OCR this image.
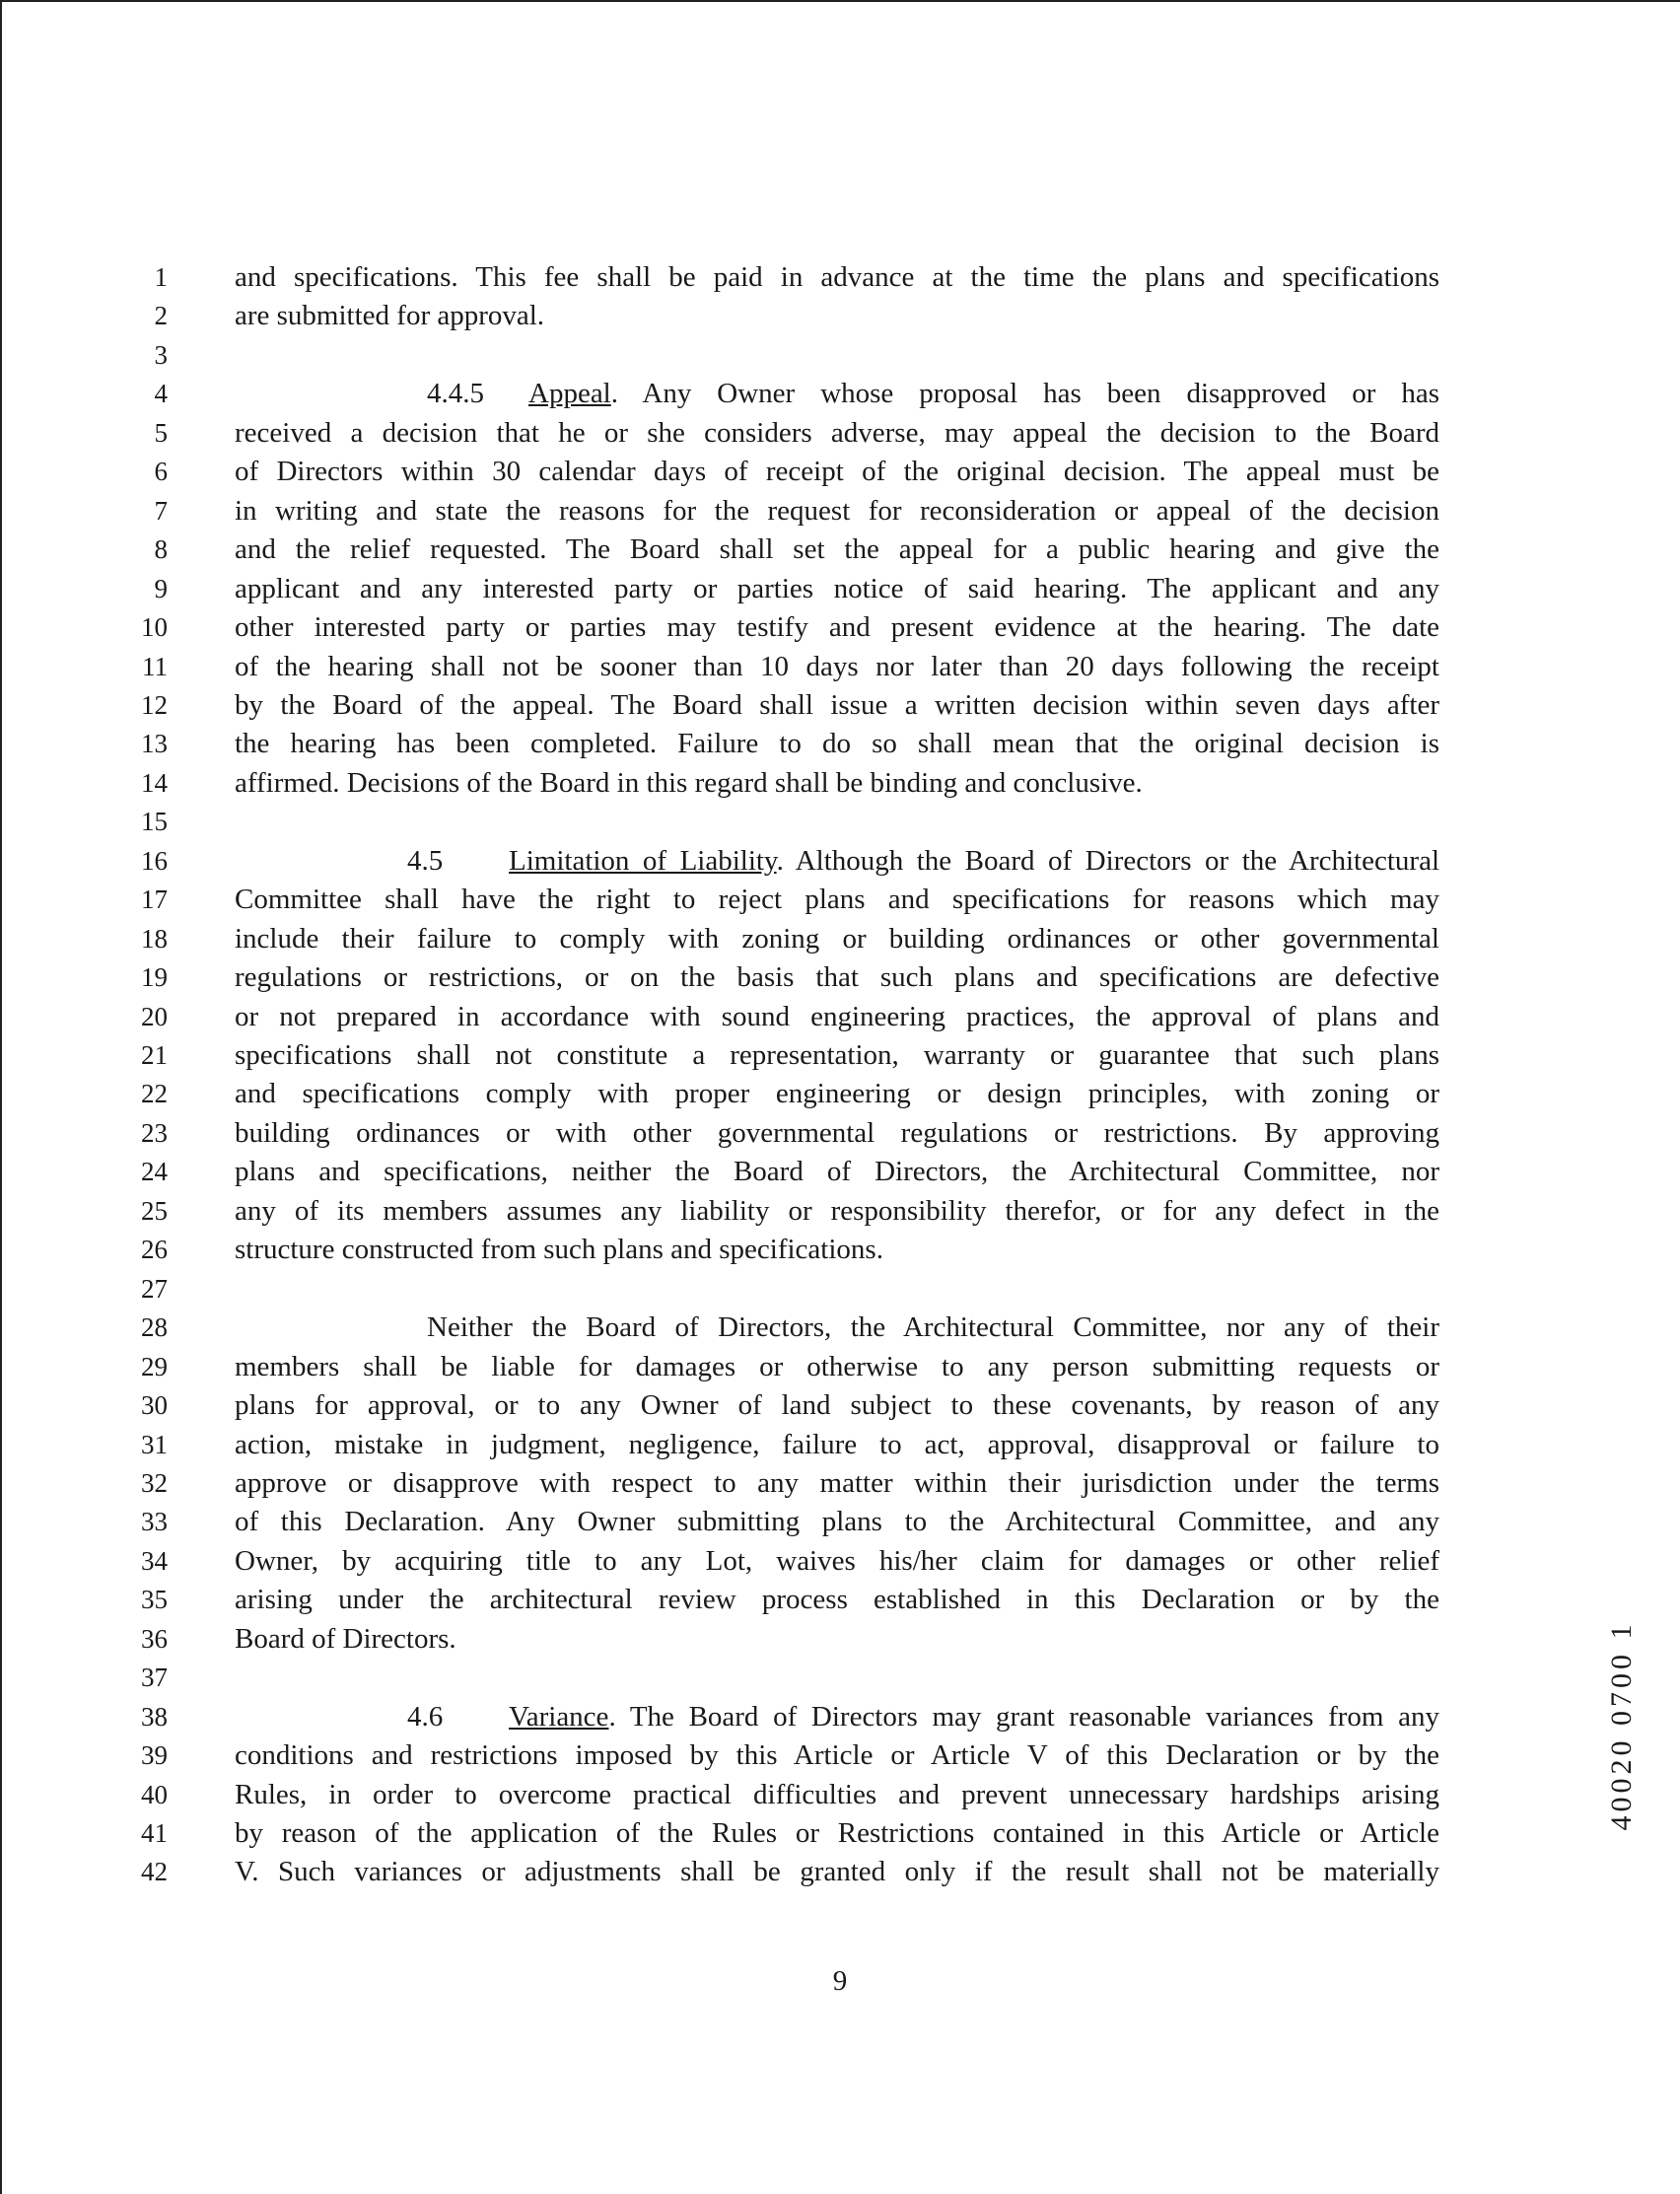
1 and specifications. This fee shall be paid in advance at the time the plans and specifications
2 are submitted for approval.
3
4	4.4.5 Appeal. Any Owner whose proposal has been disapproved or has
5 received a decision that he or she considers adverse, may appeal the decision to the Board
6 of Directors within 30 calendar days of receipt of the original decision. The appeal must be
7 in writing and state the reasons for the request for reconsideration or appeal of the decision
8 and the relief requested. The Board shall set the appeal for a public hearing and give the
9 applicant and any interested party or parties notice of said hearing. The applicant and any
10 other interested party or parties may testify and present evidence at the hearing. The date
11 of the hearing shall not be sooner than 10 days nor later than 20 days following the receipt
12 by the Board of the appeal. The Board shall issue a written decision within seven days after
13 the hearing has been completed. Failure to do so shall mean that the original decision is
14 affirmed. Decisions of the Board in this regard shall be binding and conclusive.
15
16	4.5 Limitation of Liability. Although the Board of Directors or the Architectural
17 Committee shall have the right to reject plans and specifications for reasons which may
18 include their failure to comply with zoning or building ordinances or other governmental
19 regulations or restrictions, or on the basis that such plans and specifications are defective
20 or not prepared in accordance with sound engineering practices, the approval of plans and
21 specifications shall not constitute a representation, warranty or guarantee that such plans
22 and specifications comply with proper engineering or design principles, with zoning or
23 building ordinances or with other governmental regulations or restrictions. By approving
24 plans and specifications, neither the Board of Directors, the Architectural Committee, nor
25 any of its members assumes any liability or responsibility therefor, or for any defect in the
26 structure constructed from such plans and specifications.
27
28	Neither the Board of Directors, the Architectural Committee, nor any of their
29 members shall be liable for damages or otherwise to any person submitting requests or
30 plans for approval, or to any Owner of land subject to these covenants, by reason of any
31 action, mistake in judgment, negligence, failure to act, approval, disapproval or failure to
32 approve or disapprove with respect to any matter within their jurisdiction under the terms
33 of this Declaration. Any Owner submitting plans to the Architectural Committee, and any
34 Owner, by acquiring title to any Lot, waives his/her claim for damages or other relief
35 arising under the architectural review process established in this Declaration or by the
36 Board of Directors.
37
38	4.6 Variance. The Board of Directors may grant reasonable variances from any
39 conditions and restrictions imposed by this Article or Article V of this Declaration or by the
40 Rules, in order to overcome practical difficulties and prevent unnecessary hardships arising
41 by reason of the application of the Rules or Restrictions contained in this Article or Article
42 V. Such variances or adjustments shall be granted only if the result shall not be materially
9
40020 0700 1
